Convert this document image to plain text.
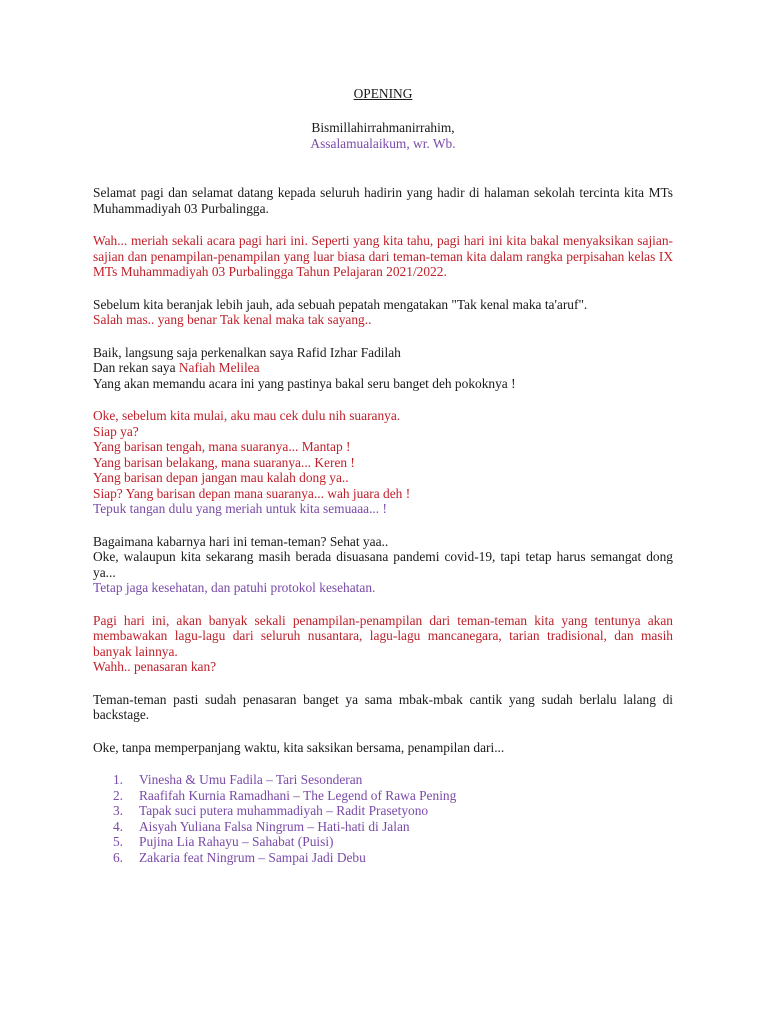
OPENING
Bismillahirrahmanirrahim,
Assalamualaikum, wr. Wb.
Selamat pagi dan selamat datang kepada seluruh hadirin yang hadir di halaman sekolah tercinta kita MTs Muhammadiyah 03 Purbalingga.
Wah... meriah sekali acara pagi hari ini. Seperti yang kita tahu, pagi hari ini kita bakal menyaksikan sajian-sajian dan penampilan-penampilan yang luar biasa dari teman-teman kita dalam rangka perpisahan kelas IX MTs Muhammadiyah 03 Purbalingga Tahun Pelajaran 2021/2022.
Sebelum kita beranjak lebih jauh, ada sebuah pepatah mengatakan "Tak kenal maka ta'aruf".
Salah mas.. yang benar Tak kenal maka tak sayang..
Baik, langsung saja perkenalkan saya Rafid Izhar Fadilah
Dan rekan saya Nafiah Melilea
Yang akan memandu acara ini yang pastinya bakal seru banget deh pokoknya !
Oke, sebelum kita mulai, aku mau cek dulu nih suaranya.
Siap ya?
Yang barisan tengah, mana suaranya... Mantap !
Yang barisan belakang, mana suaranya... Keren !
Yang barisan depan jangan mau kalah dong ya..
Siap? Yang barisan depan mana suaranya... wah juara deh !
Tepuk tangan dulu yang meriah untuk kita semuaaa... !
Bagaimana kabarnya hari ini teman-teman? Sehat yaa..
Oke, walaupun kita sekarang masih berada disuasana pandemi covid-19, tapi tetap harus semangat dong ya...
Tetap jaga kesehatan, dan patuhi protokol kesehatan.
Pagi hari ini, akan banyak sekali penampilan-penampilan dari teman-teman kita yang tentunya akan membawakan lagu-lagu dari seluruh nusantara, lagu-lagu mancanegara, tarian tradisional, dan masih banyak lainnya.
Wahh.. penasaran kan?
Teman-teman pasti sudah penasaran banget ya sama mbak-mbak cantik yang sudah berlalu lalang di backstage.
Oke, tanpa memperpanjang waktu, kita saksikan bersama, penampilan dari...
1.	Vinesha & Umu Fadila – Tari Sesonderan
2.	Raafifah Kurnia Ramadhani – The Legend of Rawa Pening
3.	Tapak suci putera muhammadiyah – Radit Prasetyono
4.	Aisyah Yuliana Falsa Ningrum – Hati-hati di Jalan
5.	Pujina Lia Rahayu – Sahabat (Puisi)
6.	Zakaria feat Ningrum – Sampai Jadi Debu
